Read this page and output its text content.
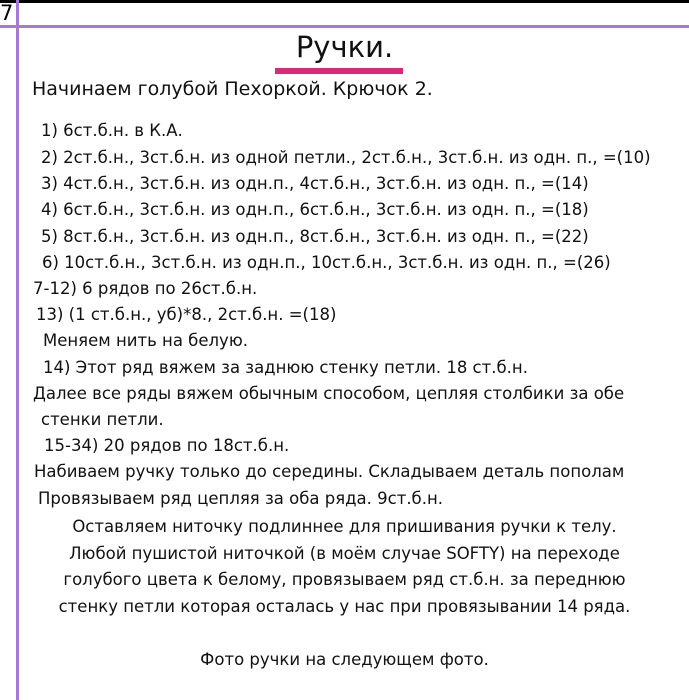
7
Ручки.
Начинаем голубой Пехоркой. Крючок 2.
1) 6ст.б.н. в К.А.
2) 2ст.б.н., 3ст.б.н. из одной петли., 2ст.б.н., 3ст.б.н. из одн. п., =(10)
3) 4ст.б.н., 3ст.б.н. из одн.п., 4ст.б.н., 3ст.б.н. из одн. п., =(14)
4) 6ст.б.н., 3ст.б.н. из одн.п., 6ст.б.н., 3ст.б.н. из одн. п., =(18)
5) 8ст.б.н., 3ст.б.н. из одн.п., 8ст.б.н., 3ст.б.н. из одн. п., =(22)
6) 10ст.б.н., 3ст.б.н. из одн.п., 10ст.б.н., 3ст.б.н. из одн. п., =(26)
7-12) 6 рядов по 26ст.б.н.
13) (1 ст.б.н., уб)*8., 2ст.б.н. =(18)
Меняем нить на белую.
14) Этот ряд вяжем за заднюю стенку петли. 18 ст.б.н.
Далее все ряды вяжем обычным способом, цепляя столбики за обе
стенки петли.
15-34) 20 рядов по 18ст.б.н.
Набиваем ручку только до середины. Складываем деталь пополам
Провязываем ряд цепляя за оба ряда. 9ст.б.н.
Оставляем ниточку подлиннее для пришивания ручки к телу.
Любой пушистой ниточкой (в моём случае SOFTY) на переходе
голубого цвета к белому, провязываем ряд ст.б.н. за переднюю
стенку петли которая осталась у нас при провязывании 14 ряда.
Фото ручки на следующем фото.
